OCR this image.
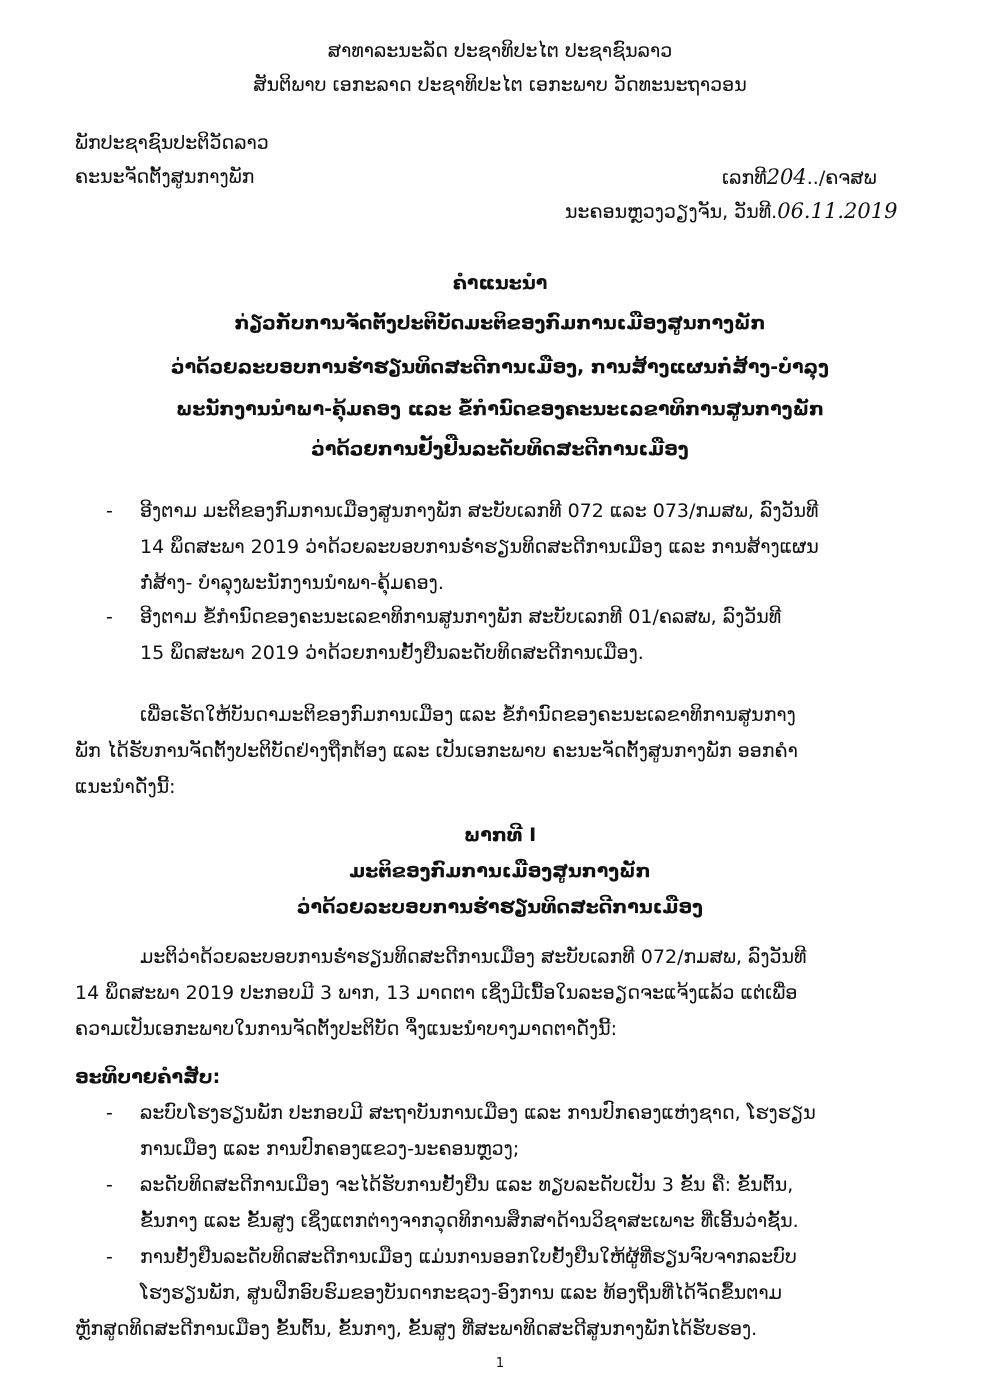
ສາທາລະນະລັດ ປະຊາທິປະໄຕ ປະຊາຊົນລາວ
ສັນຕິພາບ ເອກະລາດ ປະຊາທິປະໄຕ ເອກະພາບ ວັດທະນະຖາວອນ
ພັກປະຊາຊົນປະຕິວັດລາວ
ຄະນະຈັດຕັ້ງສູນກາງພັກ	ເລກທີ204../ຄຈສພ
ນະຄອນຫຼວງວຽງຈັນ, ວັນທີ.06.11.2019
ຄຳແນະນຳ
ກ່ຽວກັບການຈັດຕັ້ງປະຕິບັດມະຕິຂອງກົມການເມືອງສູນກາງພັກ
ວ່າດ້ວຍລະບອບການຮ່ຳຮຽນທິດສະດີການເມືອງ, ການສ້າງແຜນກໍ່ສ້າງ-ບຳລຸງ
ພະນັກງານນຳພາ-ຄຸ້ມຄອງ ແລະ ຂໍ້ກຳນົດຂອງຄະນະເລຂາທິການສູນກາງພັກ
ວ່າດ້ວຍການຢັ້ງຢືນລະດັບທິດສະດີການເມືອງ
- ອີງຕາມ ມະຕິຂອງກົມການເມືອງສູນກາງພັກ ສະບັບເລກທີ 072 ແລະ 073/ກມສພ, ລົງວັນທີ
14 ພຶດສະພາ 2019 ວ່າດ້ວຍລະບອບການຮ່ຳຮຽນທິດສະດີການເມືອງ ແລະ ການສ້າງແຜນ
ກໍ່ສ້າງ- ບຳລຸງພະນັກງານນຳພາ-ຄຸ້ມຄອງ.
- ອີງຕາມ ຂໍ້ກຳນົດຂອງຄະນະເລຂາທິການສູນກາງພັກ ສະບັບເລກທີ 01/ຄລສພ, ລົງວັນທີ
15 ພຶດສະພາ 2019 ວ່າດ້ວຍການຢັ້ງຢືນລະດັບທິດສະດີການເມືອງ.
ເພື່ອເຮັດໃຫ້ບັນດາມະຕິຂອງກົມການເມືອງ ແລະ ຂໍ້ກຳນົດຂອງຄະນະເລຂາທິການສູນກາງ
ພັກ ໄດ້ຮັບການຈັດຕັ້ງປະຕິບັດຢ່າງຖືກຕ້ອງ ແລະ ເປັນເອກະພາບ ຄະນະຈັດຕັ້ງສູນກາງພັກ ອອກຄຳ
ແນະນຳດັ່ງນີ້:
ພາກທີ I
ມະຕິຂອງກົມການເມືອງສູນກາງພັກ
ວ່າດ້ວຍລະບອບການຮ່ຳຮຽນທິດສະດີການເມືອງ
ມະຕິວ່າດ້ວຍລະບອບການຮ່ຳຮຽນທິດສະດີການເມືອງ ສະບັບເລກທີ 072/ກມສພ, ລົງວັນທີ
14 ພຶດສະພາ 2019 ປະກອບມີ 3 ພາກ, 13 ມາດຕາ ເຊິ່ງມີເນື້ອໃນລະອຽດຈະແຈ້ງແລ້ວ ແຕ່ເພື່ອ
ຄວາມເປັນເອກະພາບໃນການຈັດຕັ້ງປະຕິບັດ ຈຶ່ງແນະນຳບາງມາດຕາດັ່ງນີ້:
ອະທິບາຍຄຳສັບ:
- ລະບົບໂຮງຮຽນພັກ ປະກອບມີ ສະຖາບັນການເມືອງ ແລະ ການປົກຄອງແຫ່ງຊາດ, ໂຮງຮຽນ
ການເມືອງ ແລະ ການປົກຄອງແຂວງ-ນະຄອນຫຼວງ;
- ລະດັບທິດສະດີການເມືອງ ຈະໄດ້ຮັບການຢັ້ງຢືນ ແລະ ທຽບລະດັບເປັນ 3 ຂັ້ນ ຄື: ຂັ້ນຕົ້ນ,
ຂັ້ນກາງ ແລະ ຂັ້ນສູງ ເຊິ່ງແຕກຕ່າງຈາກວຸດທິການສຶກສາດ້ານວິຊາສະເພາະ ທີ່ເອີ້ນວ່າຊັ້ນ.
- ການຢັ້ງຢືນລະດັບທິດສະດີການເມືອງ ແມ່ນການອອກໃບຢັ້ງຢືນໃຫ້ຜູ້ທີ່ຮຽນຈົບຈາກລະບົບ
ໂຮງຮຽນພັກ, ສູນຝຶກອົບຮົມຂອງບັນດາກະຊວງ-ອົງການ ແລະ ທ້ອງຖິ່ນທີ່ໄດ້ຈັດຂຶ້ນຕາມ
ຫຼັກສູດທິດສະດີການເມືອງ ຂັ້ນຕົ້ນ, ຂັ້ນກາງ, ຂັ້ນສູງ ທີ່ສະພາທິດສະດີສູນກາງພັກໄດ້ຮັບຮອງ.
1
